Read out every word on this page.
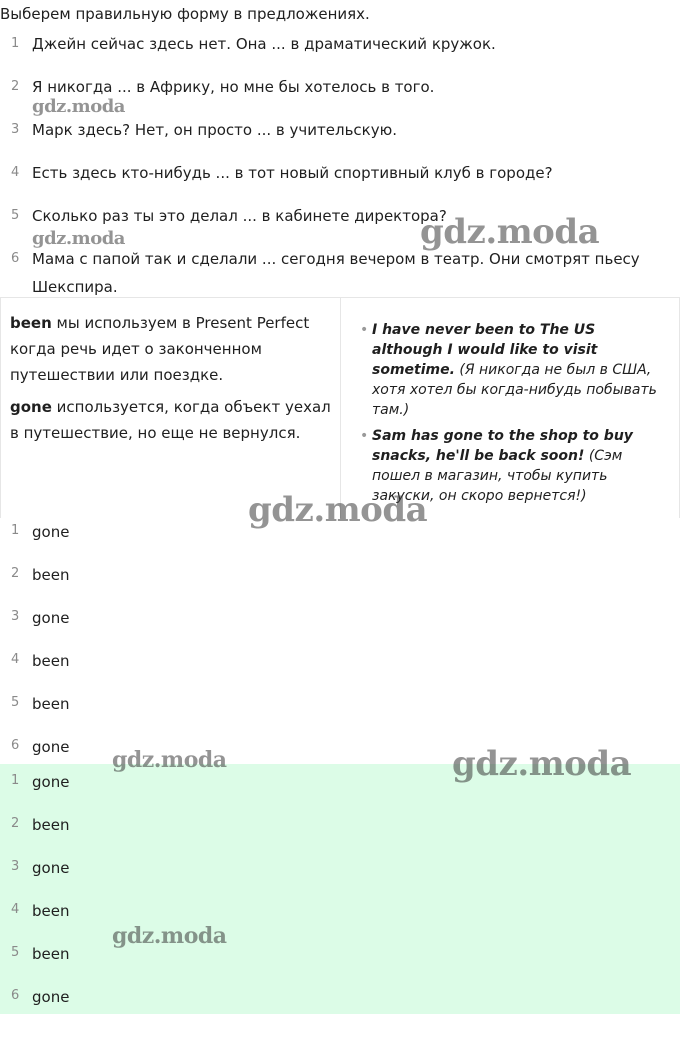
Выберем правильную форму в предложениях.
1 Джейн сейчас здесь нет. Она ... в драматический кружок.
2 Я никогда ... в Африку, но мне бы хотелось в того.
3 Марк здесь? Нет, он просто ... в учительскую.
4 Есть здесь кто-нибудь ... в тот новый спортивный клуб в городе?
5 Сколько раз ты это делал ... в кабинете директора?
6 Мама с папой так и сделали ... сегодня вечером в театр. Они смотрят пьесу Шекспира.

been мы используем в Present Perfect когда речь идет о законченном путешествии или поездке.

gone используется, когда объект уехал в путешествие, но еще не вернулся.

• I have never been to The US although I would like to visit sometime. (Я никогда не был в США, хотя хотел бы когда-нибудь побывать там.)
• Sam has gone to the shop to buy snacks, he'll be back soon! (Сэм пошел в магазин, чтобы купить закуски, он скоро вернется!)
1 gone
2 been
3 gone
4 been
5 been
6 gone
1 gone
2 been
3 gone
4 been
5 been
6 gone
gdz.moda
gdz.moda
gdz.moda
gdz.moda
gdz.moda	gdz.moda
gdz.moda
